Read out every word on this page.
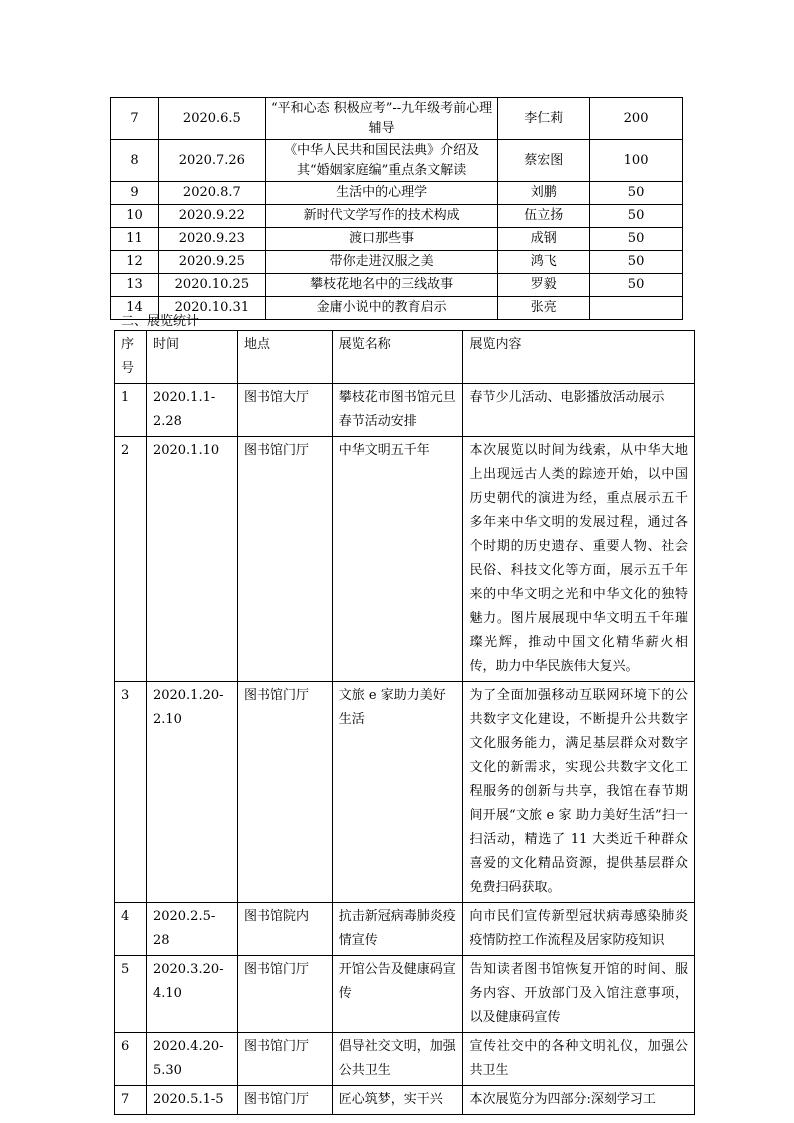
7	2020.6.5	“平和心态 积极应考”--九年级考前心理辅导	李仁莉	200
8	2020.7.26	《中华人民共和国民法典》介绍及其“婚姻家庭编”重点条文解读	蔡宏图	100
9	2020.8.7	生活中的心理学	刘鹏	50
10	2020.9.22	新时代文学写作的技术构成	伍立扬	50
11	2020.9.23	渡口那些事	成钢	50
12	2020.9.25	带你走进汉服之美	鸿飞	50
13	2020.10.25	攀枝花地名中的三线故事	罗毅	50
14	2020.10.31	金庸小说中的教育启示	张亮	
二、展览统计
序号	时间	地点	展览名称	展览内容
1	2020.1.1-2.28	图书馆大厅	攀枝花市图书馆元旦春节活动安排	春节少儿活动、电影播放活动展示
2	2020.1.10	图书馆门厅	中华文明五千年	本次展览以时间为线索，从中华大地上出现远古人类的踪迹开始，以中国历史朝代的演进为经，重点展示五千多年来中华文明的发展过程，通过各个时期的历史遗存、重要人物、社会民俗、科技文化等方面，展示五千年来的中华文明之光和中华文化的独特魅力。图片展展现中华文明五千年璀璨光辉，推动中国文化精华薪火相传，助力中华民族伟大复兴。
3	2020.1.20-2.10	图书馆门厅	文旅 e 家助力美好生活	为了全面加强移动互联网环境下的公共数字文化建设，不断提升公共数字文化服务能力，满足基层群众对数字文化的新需求，实现公共数字文化工程服务的创新与共享，我馆在春节期间开展“文旅 e 家 助力美好生活”扫一扫活动，精选了 11 大类近千种群众喜爱的文化精品资源，提供基层群众免费扫码获取。
4	2020.2.5-28	图书馆院内	抗击新冠病毒肺炎疫情宣传	向市民们宣传新型冠状病毒感染肺炎疫情防控工作流程及居家防疫知识
5	2020.3.20-4.10	图书馆门厅	开馆公告及健康码宣传	告知读者图书馆恢复开馆的时间、服务内容、开放部门及入馆注意事项，以及健康码宣传
6	2020.4.20-5.30	图书馆门厅	倡导社交文明，加强公共卫生	宣传社交中的各种文明礼仪，加强公共卫生
7	2020.5.1-5	图书馆门厅	匠心筑梦，实干兴	本次展览分为四部分:深刻学习工
